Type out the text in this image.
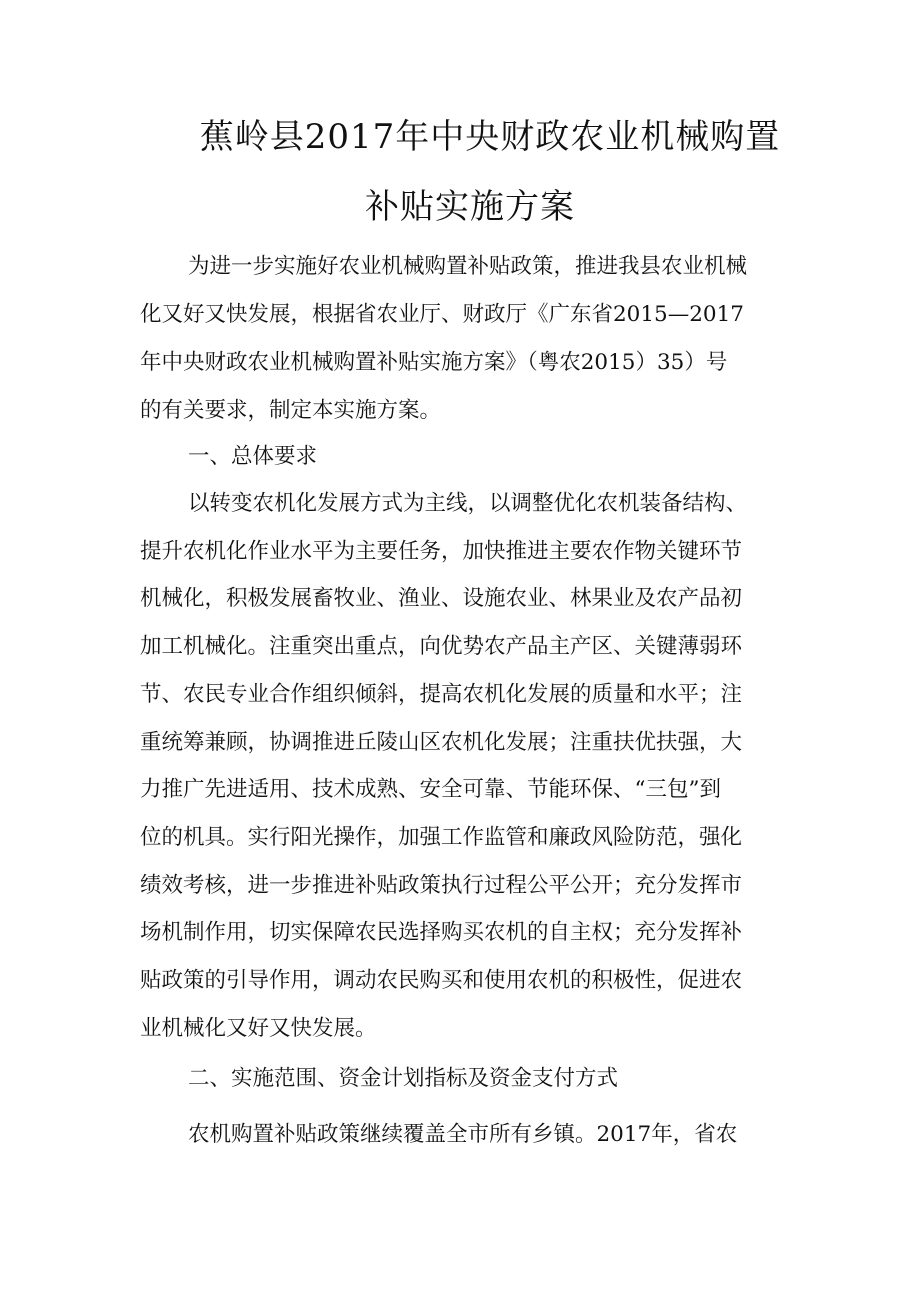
蕉岭县2017年中央财政农业机械购置
补贴实施方案
为进一步实施好农业机械购置补贴政策，推进我县农业机械
化又好又快发展，根据省农业厅、财政厅《广东省2015—2017
年中央财政农业机械购置补贴实施方案》（粤农2015）35）号
的有关要求，制定本实施方案。
一、总体要求
以转变农机化发展方式为主线，以调整优化农机装备结构、
提升农机化作业水平为主要任务，加快推进主要农作物关键环节
机械化，积极发展畜牧业、渔业、设施农业、林果业及农产品初
加工机械化。注重突出重点，向优势农产品主产区、关键薄弱环
节、农民专业合作组织倾斜，提高农机化发展的质量和水平；注
重统筹兼顾，协调推进丘陵山区农机化发展；注重扶优扶强，大
力推广先进适用、技术成熟、安全可靠、节能环保、“三包”到
位的机具。实行阳光操作，加强工作监管和廉政风险防范，强化
绩效考核，进一步推进补贴政策执行过程公平公开；充分发挥市
场机制作用，切实保障农民选择购买农机的自主权；充分发挥补
贴政策的引导作用，调动农民购买和使用农机的积极性，促进农
业机械化又好又快发展。
二、实施范围、资金计划指标及资金支付方式
农机购置补贴政策继续覆盖全市所有乡镇。2017年，省农
